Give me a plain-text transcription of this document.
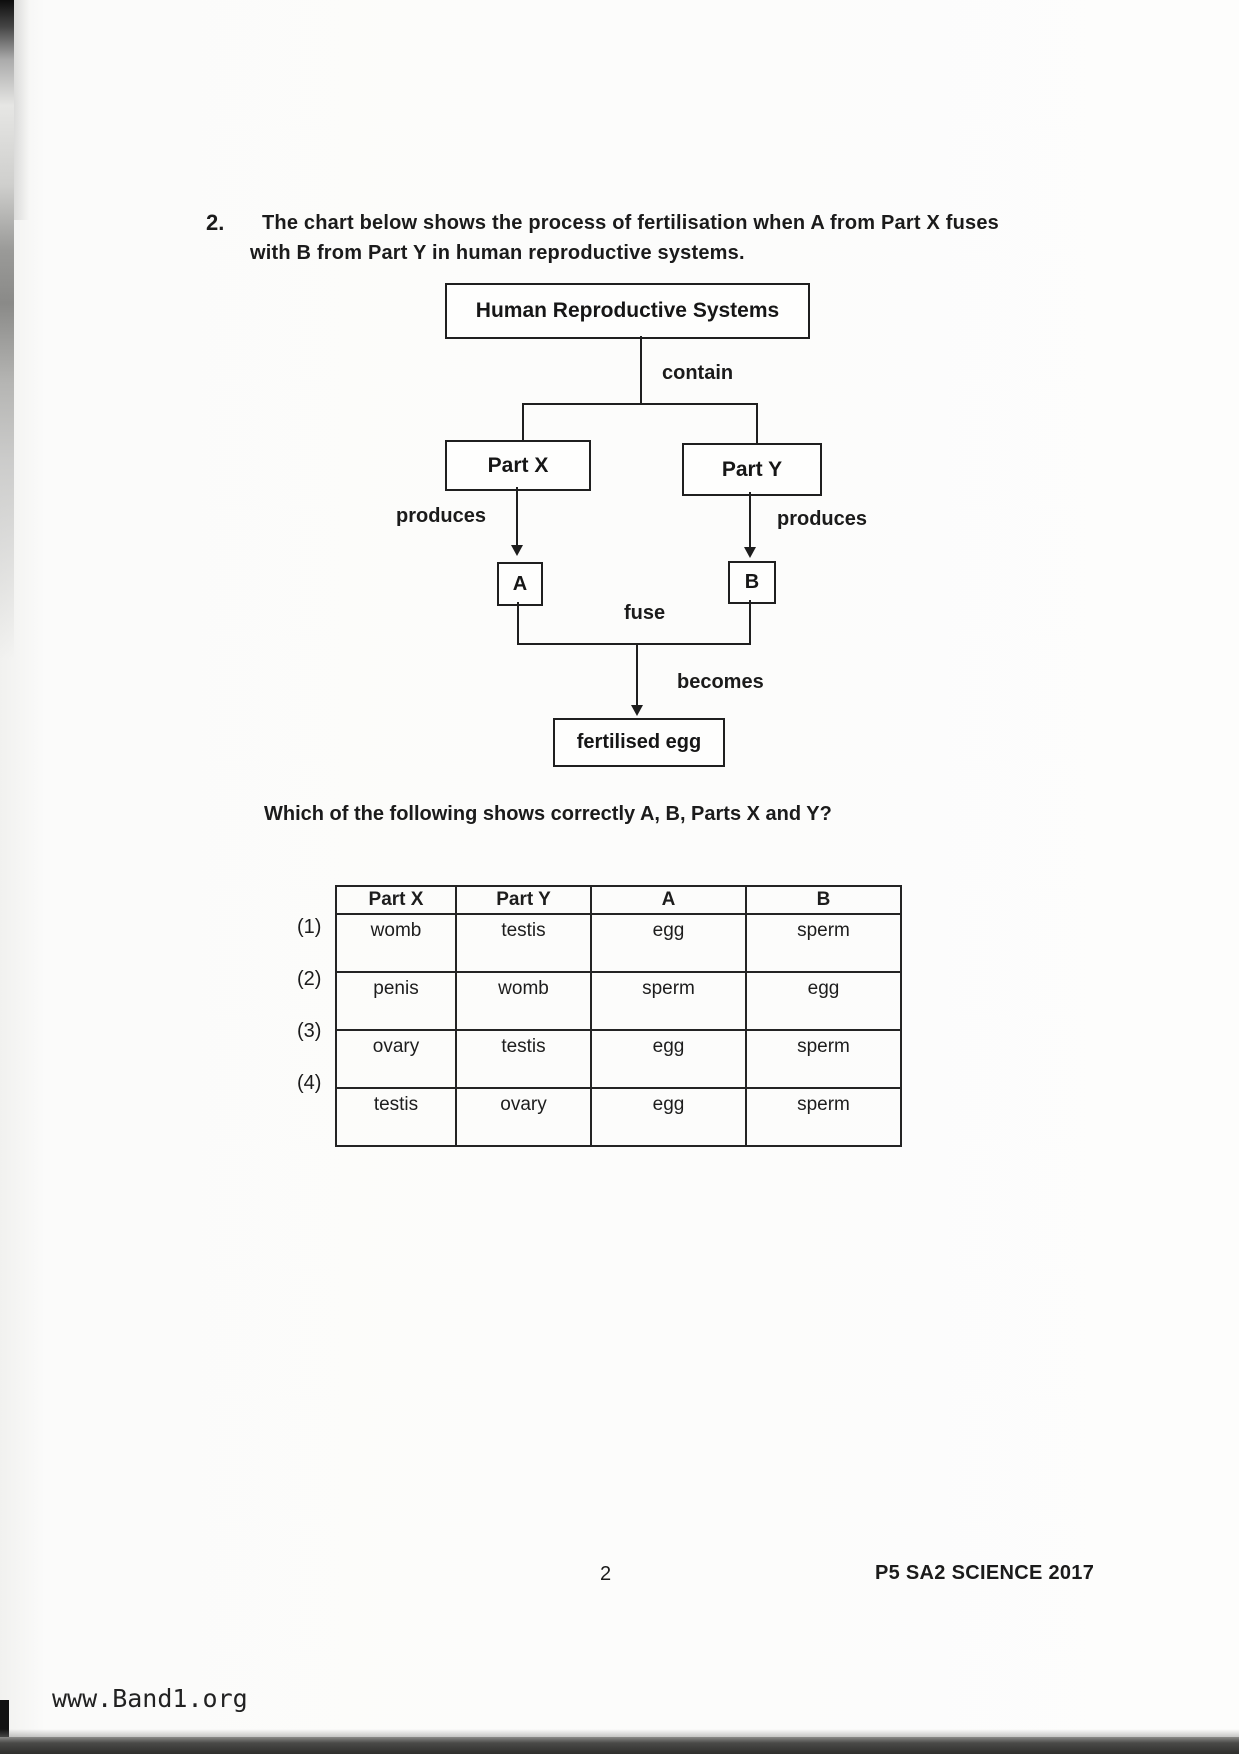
2. The chart below shows the process of fertilisation when A from Part X fuses
with B from Part Y in human reproductive systems.
Human Reproductive Systems
contain
Part X	Part Y
produces	produces
A	B
fuse
becomes
fertilised egg
Which of the following shows correctly A, B, Parts X and Y?
(1)
(2)
(3)
(4)
Part X	Part Y	A	B
womb	testis	egg	sperm
penis	womb	sperm	egg
ovary	testis	egg	sperm
testis	ovary	egg	sperm
2	P5 SA2 SCIENCE 2017
www.Band1.org
